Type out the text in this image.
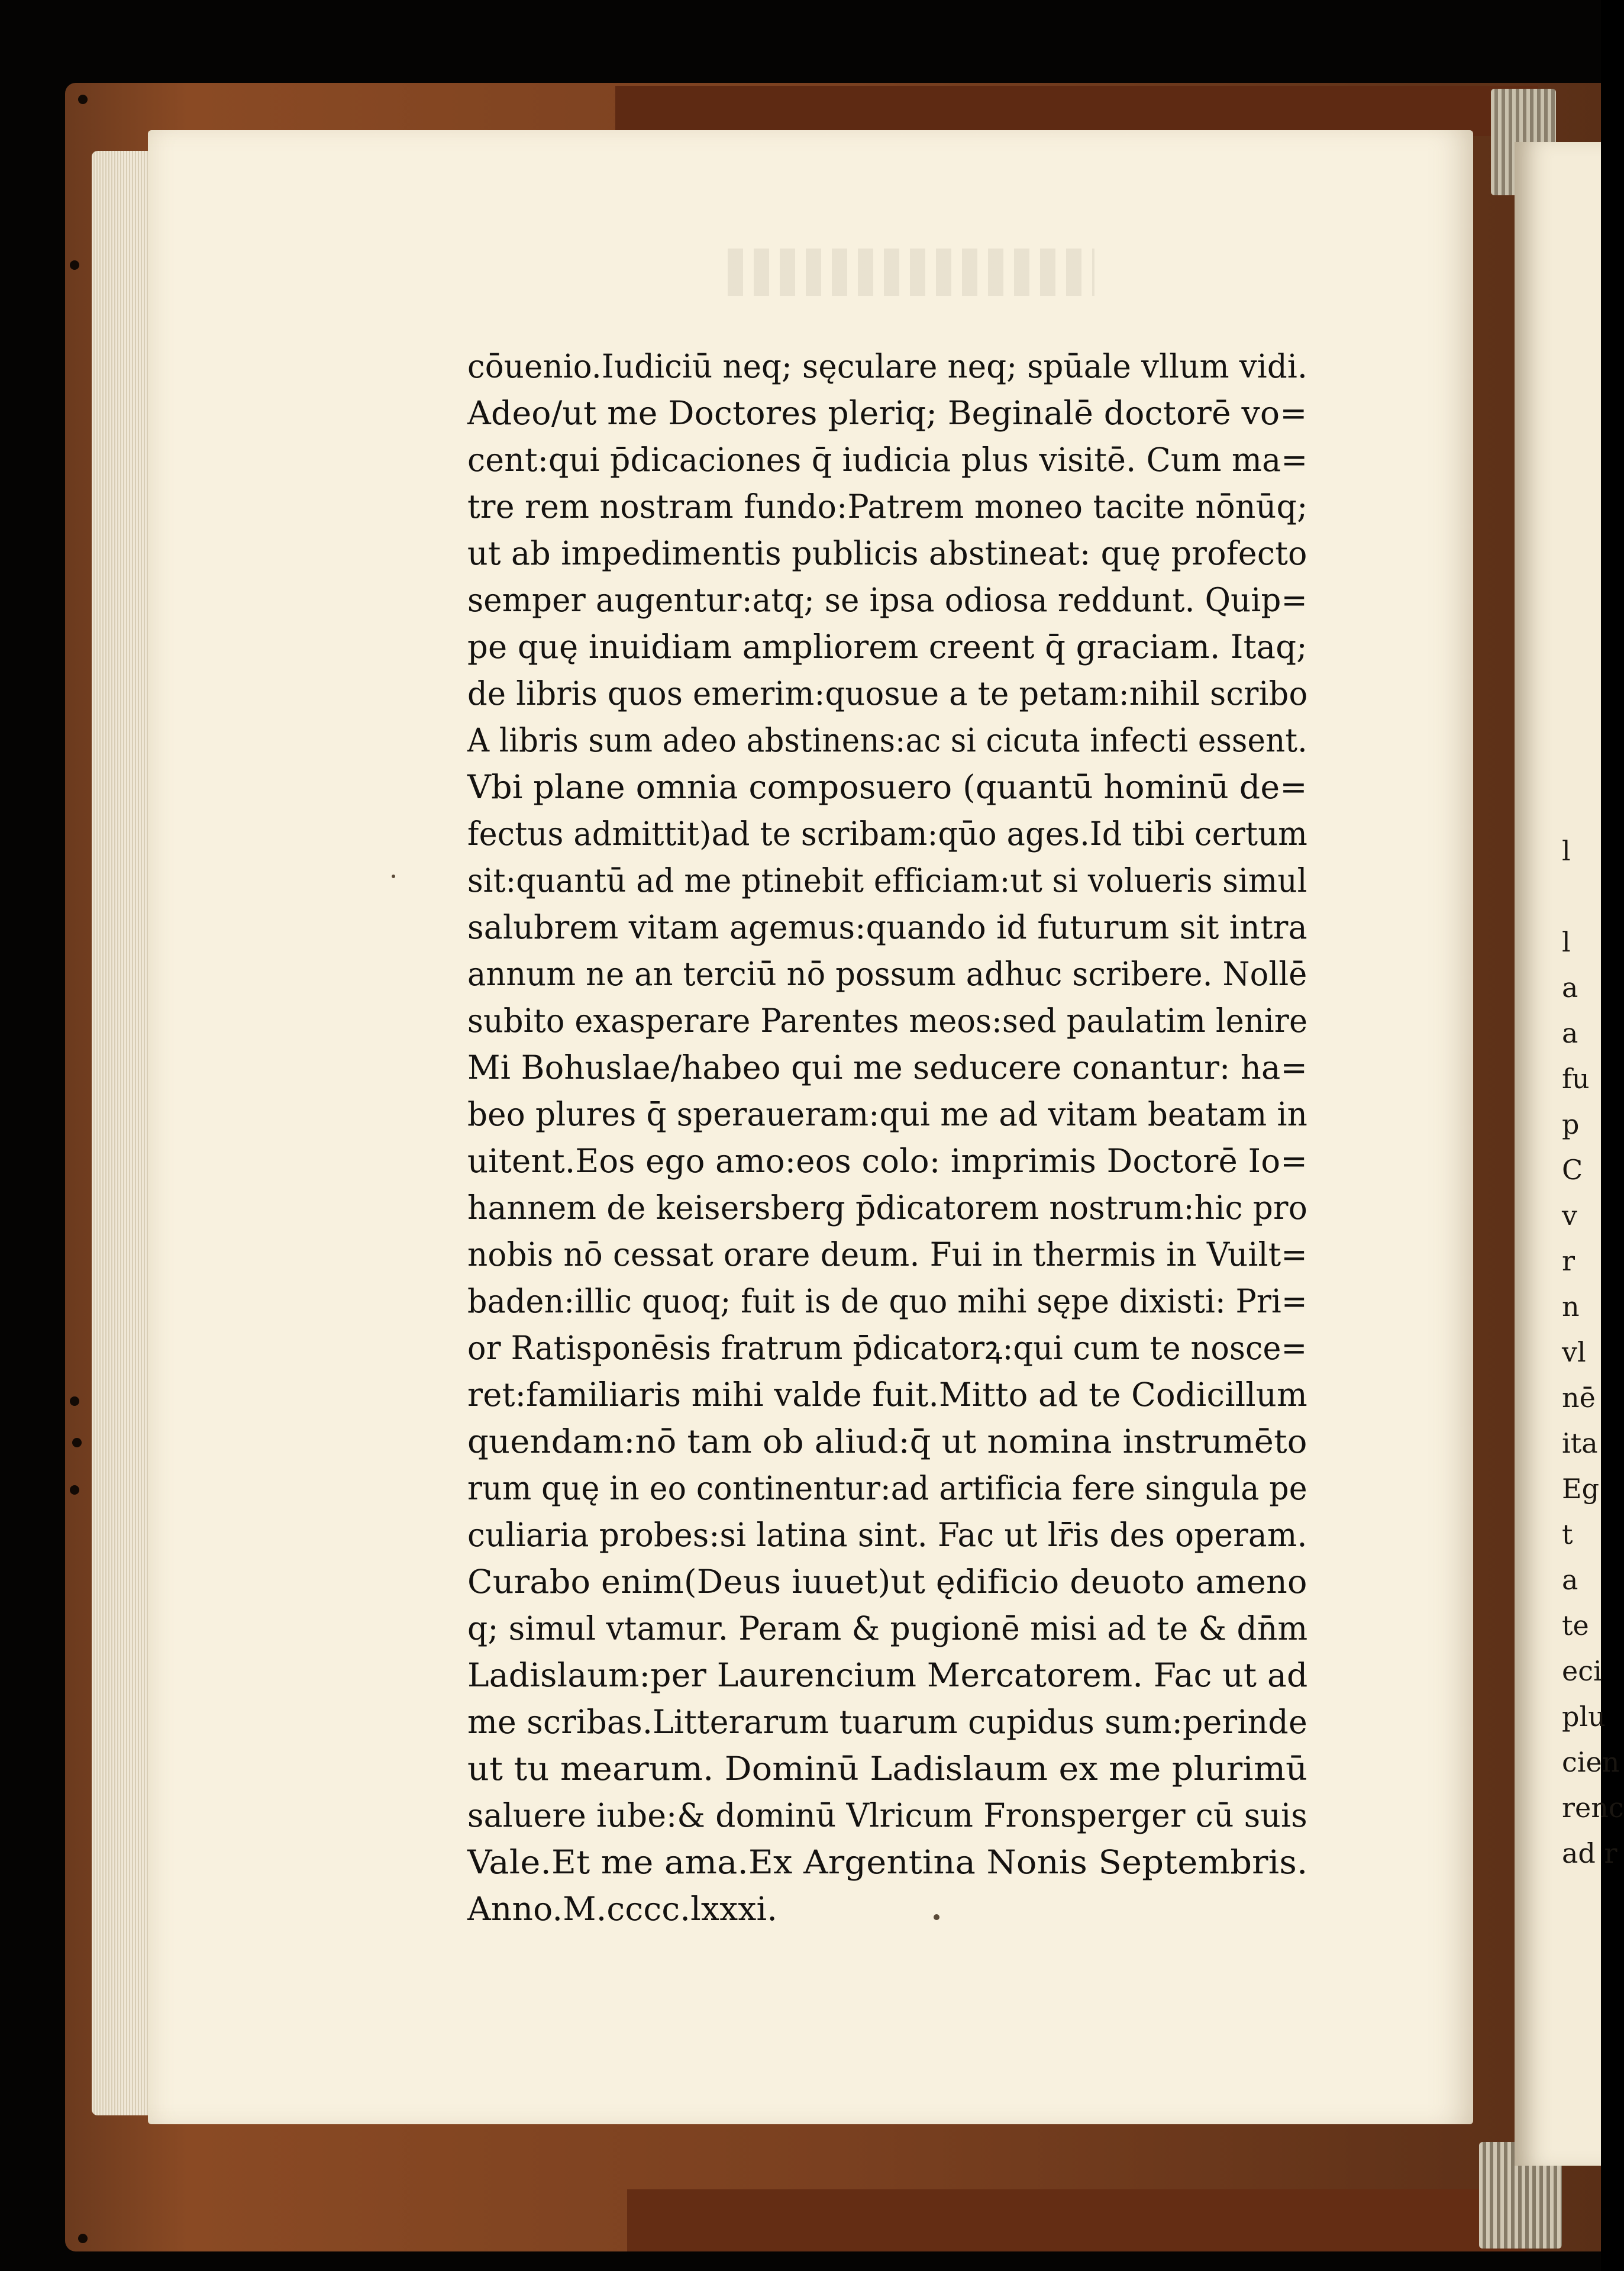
cōuenio.Iudiciū neq; sęculare neq; spūale vllum vidi.
Adeo/ut me Doctores pleriq; Beginalē doctorē vo=
cent:qui p̄dicaciones q̄ iudicia plus visitē. Cum ma=
tre rem nostram fundo:Patrem moneo tacite nōnūq;
ut ab impedimentis publicis abstineat: quę profecto
semper augentur:atq; se ipsa odiosa reddunt. Quip=
pe quę inuidiam ampliorem creent q̄ graciam. Itaq;
de libris quos emerim:quosue a te petam:nihil scribo
A libris sum adeo abstinens:ac si cicuta infecti essent.
Vbi plane omnia composuero (quantū hominū de=
fectus admittit)ad te scribam:qūo ages.Id tibi certum
sit:quantū ad me ptinebit efficiam:ut si volueris simul
salubrem vitam agemus:quando id futurum sit intra
annum ne an terciū nō possum adhuc scribere. Nollē
subito exasperare Parentes meos:sed paulatim lenire
Mi Bohuslae/habeo qui me seducere conantur: ha=
beo plures q̄ speraueram:qui me ad vitam beatam in
uitent.Eos ego amo:eos colo: imprimis Doctorē Io=
hannem de keisersberg p̄dicatorem nostrum:hic pro
nobis nō cessat orare deum. Fui in thermis in Vuilt=
baden:illic quoq; fuit is de quo mihi sępe dixisti: Pri=
or Ratisponēsis fratrum p̄dicatorꝝ:qui cum te nosce=
ret:familiaris mihi valde fuit.Mitto ad te Codicillum
quendam:nō tam ob aliud:q̄ ut nomina instrumēto
rum quę in eo continentur:ad artificia fere singula pe
culiaria probes:si latina sint. Fac ut lr̄is des operam.
Curabo enim(Deus iuuet)ut ędificio deuoto ameno
q; simul vtamur. Peram & pugionē misi ad te & dn̄m
Ladislaum:per Laurencium Mercatorem. Fac ut ad
me scribas.Litterarum tuarum cupidus sum:perinde
ut tu mearum. Dominū Ladislaum ex me plurimū
saluere iube:& dominū Vlricum Fronsperger cū suis
Vale.Et me ama.Ex Argentina Nonis Septembris.
Anno.M.cccc.lxxxi.
l
l
a
a
fu
p
C
v
r
n
vl
nē
ita
Eg
t
a
te
eci
plu
cien
renc
ad r
